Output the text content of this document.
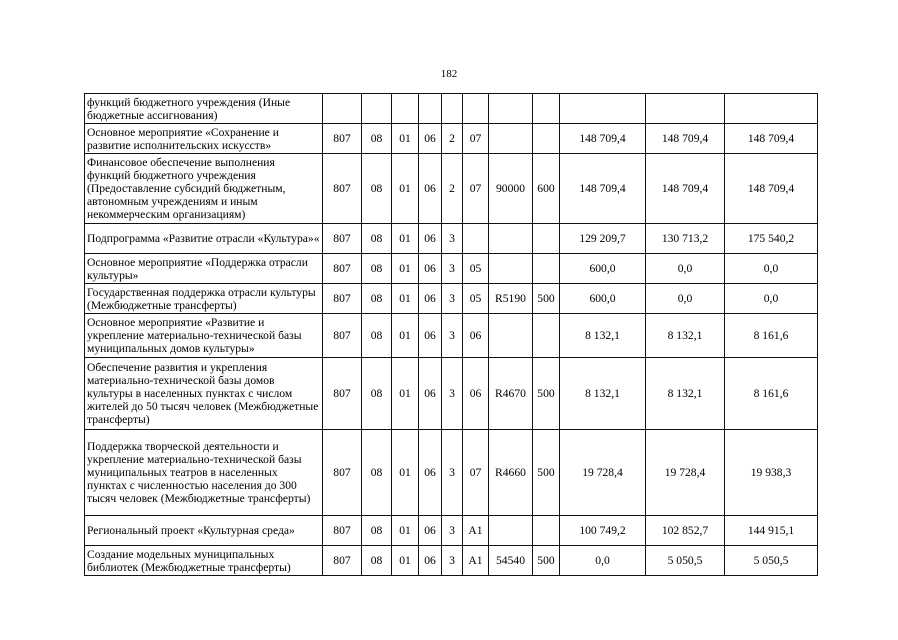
182
функций бюджетного учреждения (Иные бюджетные ассигнования)											
Основное мероприятие «Сохранение и развитие исполнительских искусств»	807	08	01	06	2	07			148 709,4	148 709,4	148 709,4
Финансовое обеспечение выполнения функций бюджетного учреждения (Предоставление субсидий бюджетным, автономным учреждениям и иным некоммерческим организациям)	807	08	01	06	2	07	90000	600	148 709,4	148 709,4	148 709,4
Подпрограмма «Развитие отрасли «Культура»«	807	08	01	06	3				129 209,7	130 713,2	175 540,2
Основное мероприятие «Поддержка отрасли культуры»	807	08	01	06	3	05			600,0	0,0	0,0
Государственная поддержка отрасли культуры (Межбюджетные трансферты)	807	08	01	06	3	05	R5190	500	600,0	0,0	0,0
Основное мероприятие «Развитие и укрепление материально-технической базы муниципальных домов культуры»	807	08	01	06	3	06			8 132,1	8 132,1	8 161,6
Обеспечение развития и укрепления материально-технической базы домов культуры в населенных пунктах с числом жителей до 50 тысяч человек (Межбюджетные трансферты)	807	08	01	06	3	06	R4670	500	8 132,1	8 132,1	8 161,6
Поддержка творческой деятельности и укрепление материально-технической базы муниципальных театров в населенных пунктах с численностью населения до 300 тысяч человек (Межбюджетные трансферты)	807	08	01	06	3	07	R4660	500	19 728,4	19 728,4	19 938,3
Региональный проект «Культурная среда»	807	08	01	06	3	A1			100 749,2	102 852,7	144 915,1
Создание модельных муниципальных библиотек (Межбюджетные трансферты)	807	08	01	06	3	A1	54540	500	0,0	5 050,5	5 050,5
